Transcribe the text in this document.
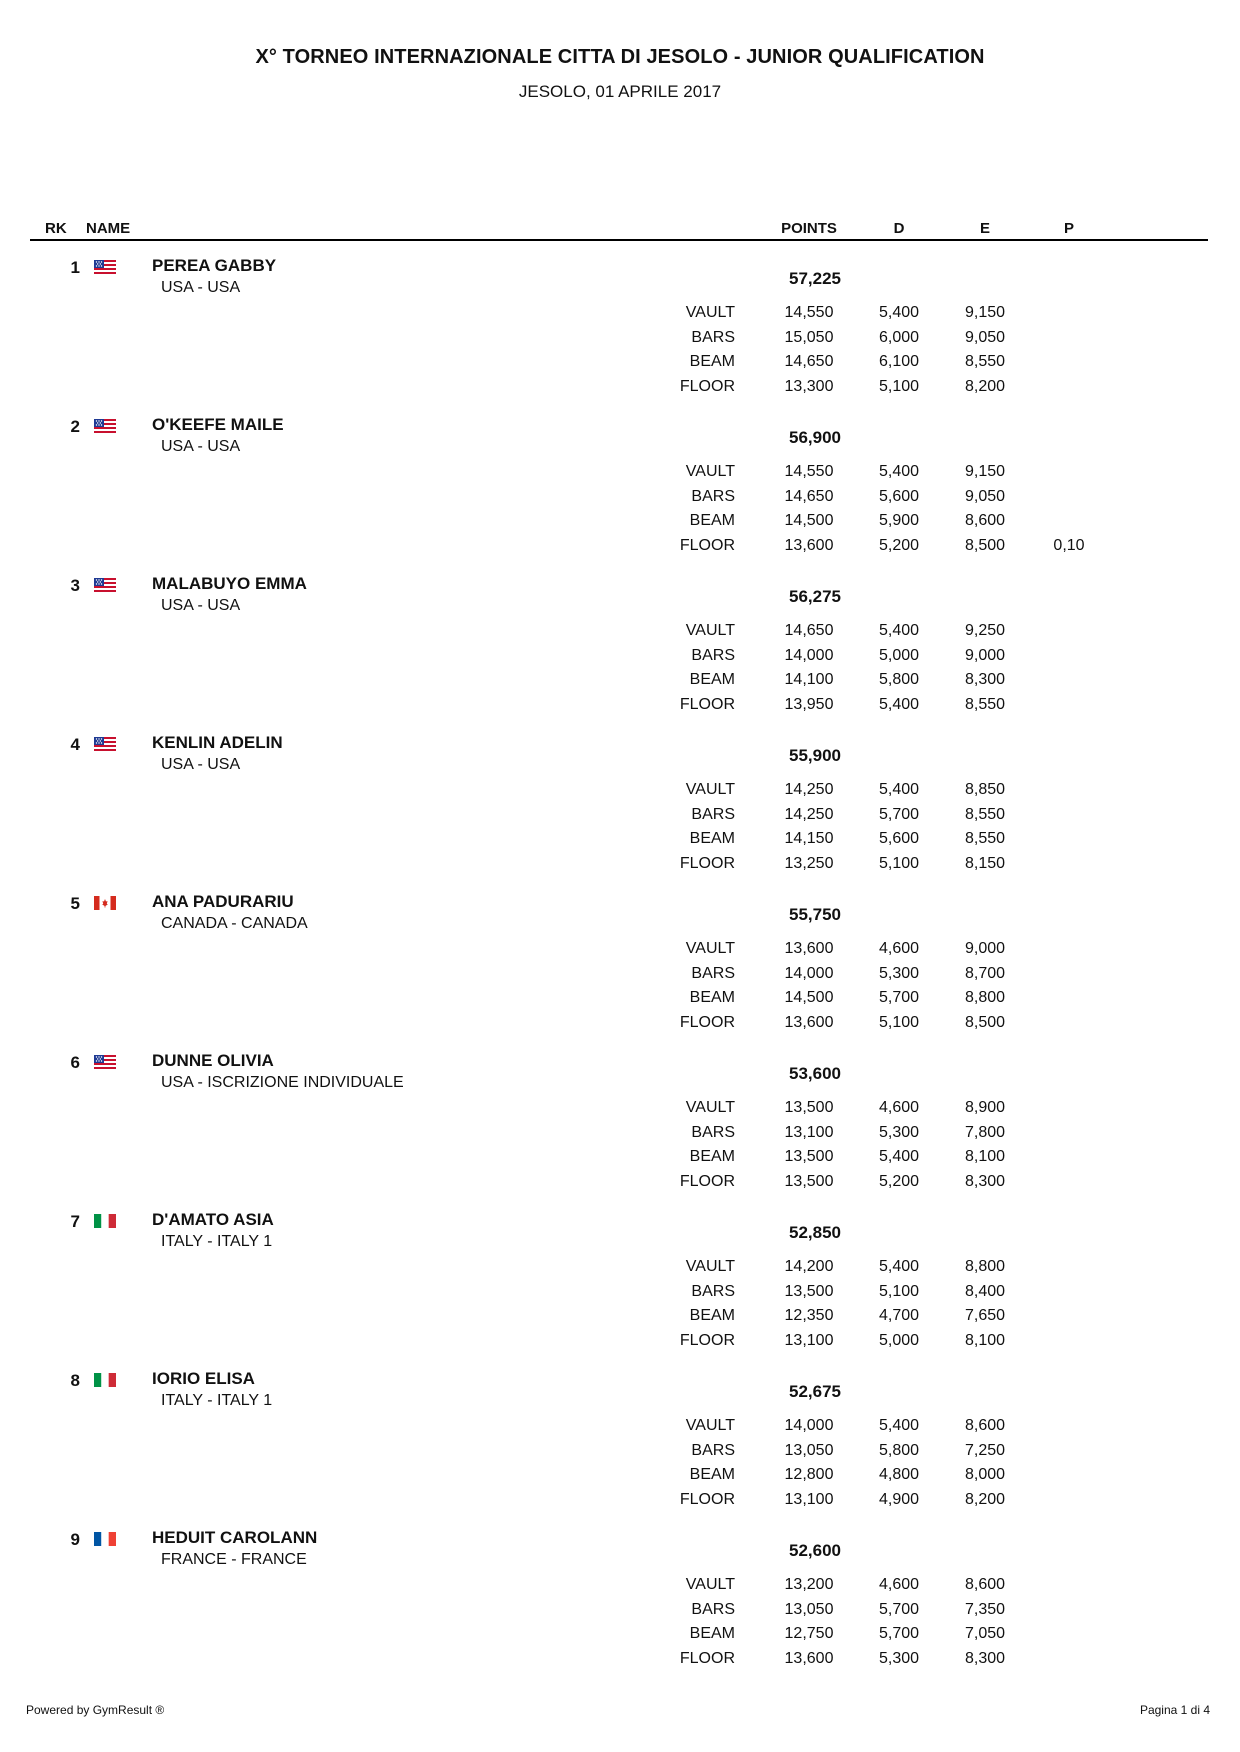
X° TORNEO INTERNAZIONALE CITTA DI JESOLO - JUNIOR QUALIFICATION
JESOLO, 01 APRILE 2017
RK NAME	POINTS	D	E	P
1	PEREA GABBY
USA - USA	57,225
VAULT	14,550	5,400	9,150
BARS	15,050	6,000	9,050
BEAM	14,650	6,100	8,550
FLOOR	13,300	5,100	8,200
2	O'KEEFE MAILE
USA - USA	56,900
VAULT	14,550	5,400	9,150
BARS	14,650	5,600	9,050
BEAM	14,500	5,900	8,600
FLOOR	13,600	5,200	8,500	0,10
3	MALABUYO EMMA
USA - USA	56,275
VAULT	14,650	5,400	9,250
BARS	14,000	5,000	9,000
BEAM	14,100	5,800	8,300
FLOOR	13,950	5,400	8,550
4	KENLIN ADELIN
USA - USA	55,900
VAULT	14,250	5,400	8,850
BARS	14,250	5,700	8,550
BEAM	14,150	5,600	8,550
FLOOR	13,250	5,100	8,150
5	ANA PADURARIU
CANADA - CANADA	55,750
VAULT	13,600	4,600	9,000
BARS	14,000	5,300	8,700
BEAM	14,500	5,700	8,800
FLOOR	13,600	5,100	8,500
6	DUNNE OLIVIA
USA - ISCRIZIONE INDIVIDUALE	53,600
VAULT	13,500	4,600	8,900
BARS	13,100	5,300	7,800
BEAM	13,500	5,400	8,100
FLOOR	13,500	5,200	8,300
7	D'AMATO ASIA
ITALY - ITALY 1	52,850
VAULT	14,200	5,400	8,800
BARS	13,500	5,100	8,400
BEAM	12,350	4,700	7,650
FLOOR	13,100	5,000	8,100
8	IORIO ELISA
ITALY - ITALY 1	52,675
VAULT	14,000	5,400	8,600
BARS	13,050	5,800	7,250
BEAM	12,800	4,800	8,000
FLOOR	13,100	4,900	8,200
9	HEDUIT CAROLANN
FRANCE - FRANCE	52,600
VAULT	13,200	4,600	8,600
BARS	13,050	5,700	7,350
BEAM	12,750	5,700	7,050
FLOOR	13,600	5,300	8,300
Powered by GymResult ®	Pagina 1 di 4
